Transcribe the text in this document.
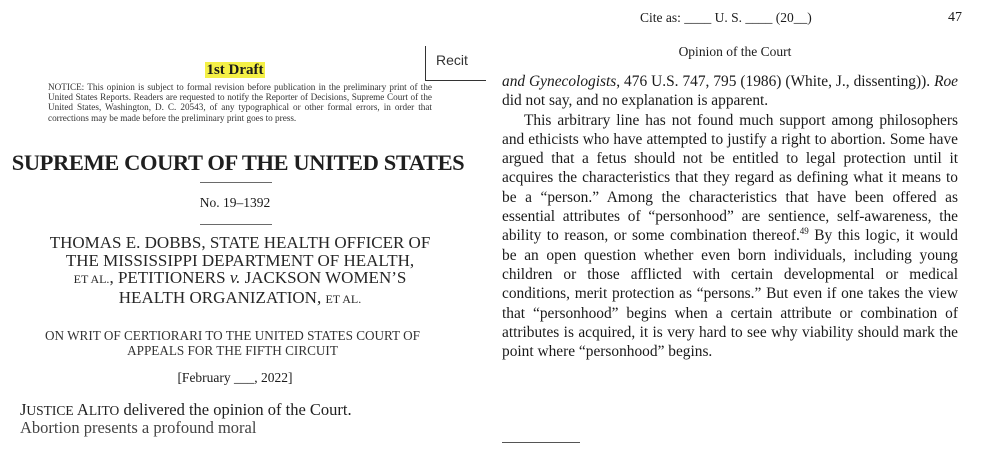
Recit
1st Draft
NOTICE: This opinion is subject to formal revision before publication in the preliminary print of the United States Reports. Readers are requested to notify the Reporter of Decisions, Supreme Court of the United States, Washington, D. C. 20543, of any typographical or other formal errors, in order that corrections may be made before the preliminary print goes to press.
SUPREME COURT OF THE UNITED STATES
No. 19–1392
THOMAS E. DOBBS, STATE HEALTH OFFICER OF
THE MISSISSIPPI DEPARTMENT OF HEALTH,
ET AL., PETITIONERS v. JACKSON WOMEN’S
HEALTH ORGANIZATION, ET AL.
ON WRIT OF CERTIORARI TO THE UNITED STATES COURT OF
APPEALS FOR THE FIFTH CIRCUIT
[February ___, 2022]
JUSTICE ALITO delivered the opinion of the Court.
Abortion presents a profound moral
Cite as: ____ U. S. ____ (20__)	47
Opinion of the Court

and Gynecologists, 476 U.S. 747, 795 (1986) (White, J., dissenting)). Roe did not say, and no explanation is apparent.

This arbitrary line has not found much support among philosophers and ethicists who have attempted to justify a right to abortion. Some have argued that a fetus should not be entitled to legal protection until it acquires the characteristics that they regard as defining what it means to be a “person.” Among the characteristics that have been offered as essential attributes of “personhood” are sentience, self-awareness, the ability to reason, or some combination thereof.$^{49}$ By this logic, it would be an open question whether even born individuals, including young children or those afflicted with certain developmental or medical conditions, merit protection as “persons.” But even if one takes the view that “personhood” begins when a certain attribute or combination of attributes is acquired, it is very hard to see why viability should mark the point where “personhood” begins.
